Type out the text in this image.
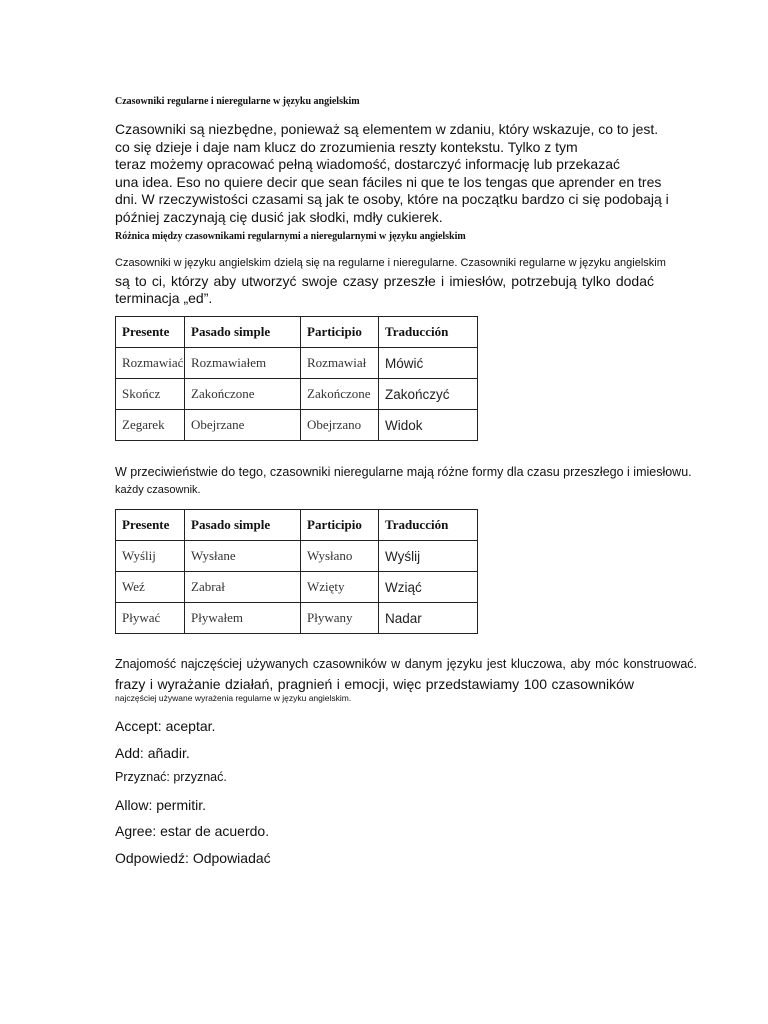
Czasowniki regularne i nieregularne w języku angielskim
Czasowniki są niezbędne, ponieważ są elementem w zdaniu, który wskazuje, co to jest.
co się dzieje i daje nam klucz do zrozumienia reszty kontekstu. Tylko z tym
teraz możemy opracować pełną wiadomość, dostarczyć informację lub przekazać
una idea. Eso no quiere decir que sean fáciles ni que te los tengas que aprender en tres
dni. W rzeczywistości czasami są jak te osoby, które na początku bardzo ci się podobają i
później zaczynają cię dusić jak słodki, mdły cukierek.
Różnica między czasownikami regularnymi a nieregularnymi w języku angielskim
Czasowniki w języku angielskim dzielą się na regularne i nieregularne. Czasowniki regularne w języku angielskim
są to ci, którzy aby utworzyć swoje czasy przeszłe i imiesłów, potrzebują tylko dodać
terminacja „ed”.
Presente	Pasado simple	Participio	Traducción
Rozmawiać	Rozmawiałem	Rozmawiał	Mówić
Skończ	Zakończone	Zakończone	Zakończyć
Zegarek	Obejrzane	Obejrzano	Widok
W przeciwieństwie do tego, czasowniki nieregularne mają różne formy dla czasu przeszłego i imiesłowu.
każdy czasownik.
Presente	Pasado simple	Participio	Traducción
Wyślij	Wysłane	Wysłano	Wyślij
Weź	Zabrał	Wzięty	Wziąć
Pływać	Pływałem	Pływany	Nadar
Znajomość najczęściej używanych czasowników w danym języku jest kluczowa, aby móc konstruować.
frazy i wyrażanie działań, pragnień i emocji, więc przedstawiamy 100 czasowników
najczęściej używane wyrażenia regularne w języku angielskim.
Accept: aceptar.
Add: añadir.
Przyznać: przyznać.
Allow: permitir.
Agree: estar de acuerdo.
Odpowiedź: Odpowiadać
